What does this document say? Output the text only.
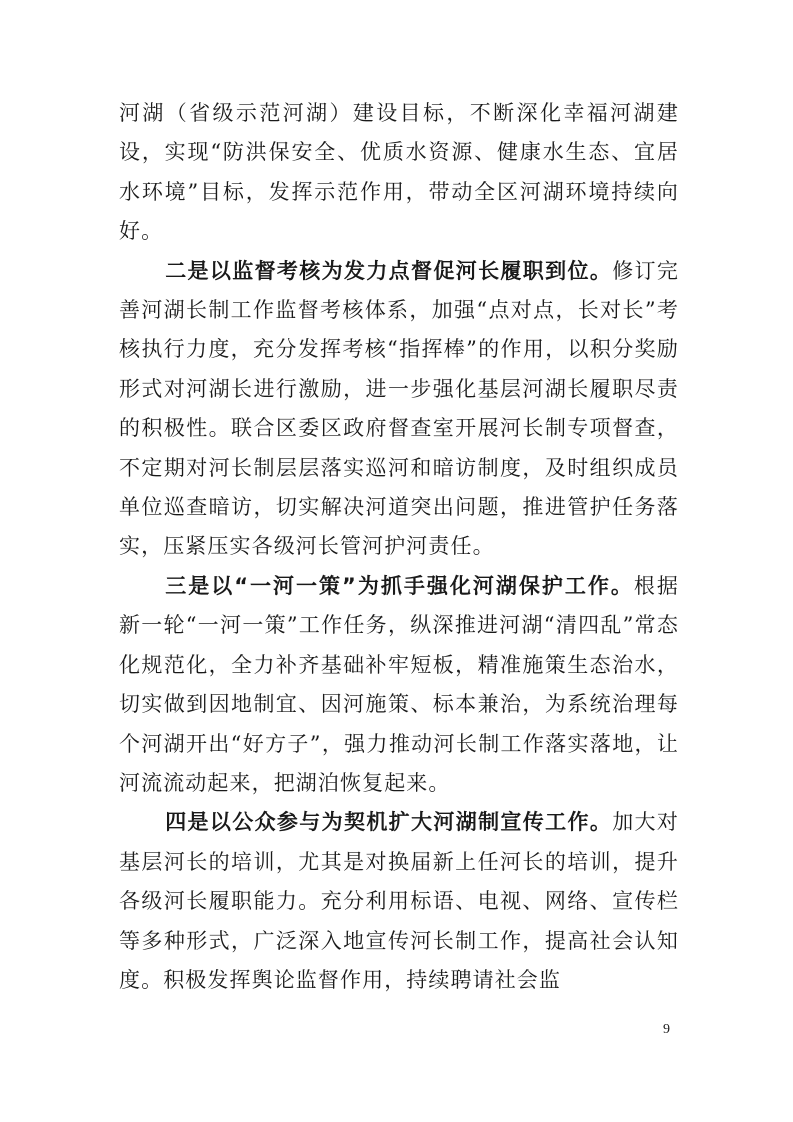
河湖（省级示范河湖）建设目标，不断深化幸福河湖建设，实现“防洪保安全、优质水资源、健康水生态、宜居水环境”目标，发挥示范作用，带动全区河湖环境持续向好。

二是以监督考核为发力点督促河长履职到位。修订完善河湖长制工作监督考核体系，加强“点对点，长对长”考核执行力度，充分发挥考核“指挥棒”的作用，以积分奖励形式对河湖长进行激励，进一步强化基层河湖长履职尽责的积极性。联合区委区政府督查室开展河长制专项督查，不定期对河长制层层落实巡河和暗访制度，及时组织成员单位巡查暗访，切实解决河道突出问题，推进管护任务落实，压紧压实各级河长管河护河责任。

三是以“一河一策”为抓手强化河湖保护工作。根据新一轮“一河一策”工作任务，纵深推进河湖“清四乱”常态化规范化，全力补齐基础补牢短板，精准施策生态治水，切实做到因地制宜、因河施策、标本兼治，为系统治理每个河湖开出“好方子”，强力推动河长制工作落实落地，让河流流动起来，把湖泊恢复起来。

四是以公众参与为契机扩大河湖制宣传工作。加大对基层河长的培训，尤其是对换届新上任河长的培训，提升各级河长履职能力。充分利用标语、电视、网络、宣传栏等多种形式，广泛深入地宣传河长制工作，提高社会认知度。积极发挥舆论监督作用，持续聘请社会监

9
